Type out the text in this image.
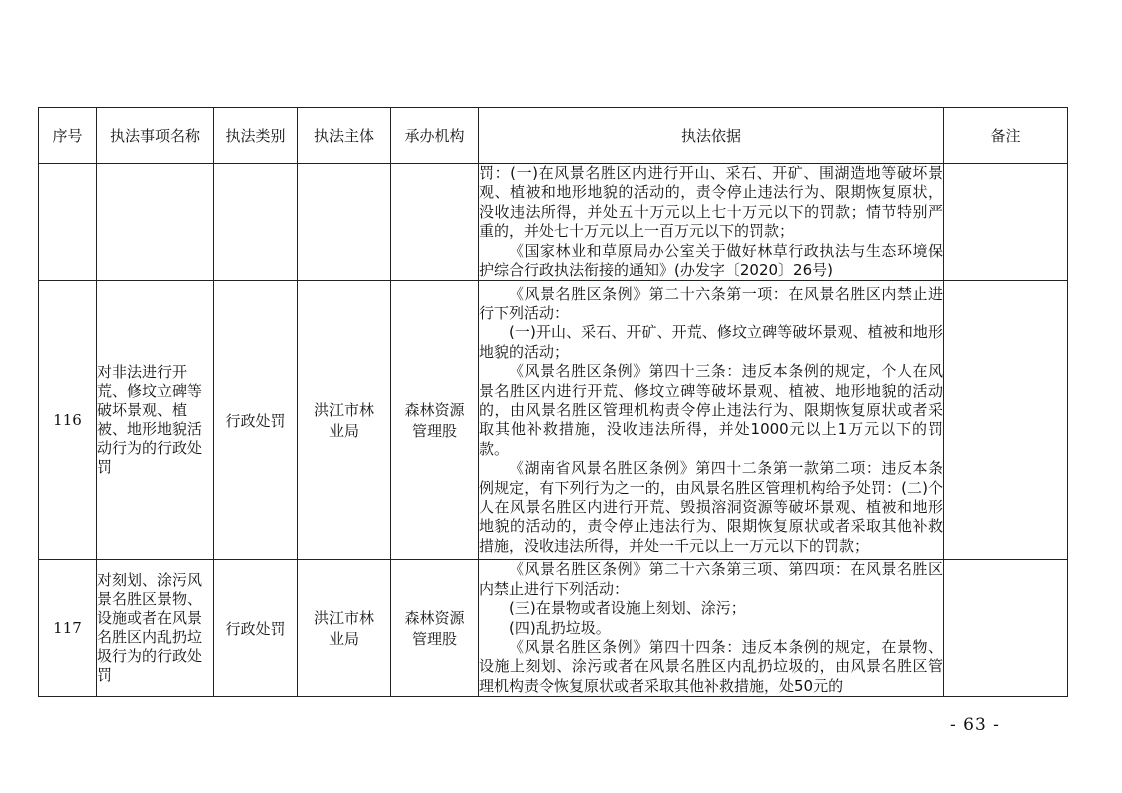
序号	执法事项名称	执法类别	执法主体	承办机构	执法依据	备注

					罚：(一)在风景名胜区内进行开山、采石、开矿、围湖造地等破坏景观、植被和地形地貌的活动的，责令停止违法行为、限期恢复原状，没收违法所得，并处五十万元以上七十万元以下的罚款；情节特别严重的，并处七十万元以上一百万元以下的罚款；
《国家林业和草原局办公室关于做好林草行政执法与生态环境保护综合行政执法衔接的通知》(办发字〔2020〕26号)	

116	对非法进行开荒、修坟立碑等破坏景观、植被、地形地貌活动行为的行政处罚	行政处罚	洪江市林业局	森林资源管理股	《风景名胜区条例》第二十六条第一项：在风景名胜区内禁止进行下列活动：
(一)开山、采石、开矿、开荒、修坟立碑等破坏景观、植被和地形地貌的活动；
《风景名胜区条例》第四十三条：违反本条例的规定，个人在风景名胜区内进行开荒、修坟立碑等破坏景观、植被、地形地貌的活动的，由风景名胜区管理机构责令停止违法行为、限期恢复原状或者采取其他补救措施，没收违法所得，并处1000元以上1万元以下的罚款。
《湖南省风景名胜区条例》第四十二条第一款第二项：违反本条例规定，有下列行为之一的，由风景名胜区管理机构给予处罚：(二)个人在风景名胜区内进行开荒、毁损溶洞资源等破坏景观、植被和地形地貌的活动的，责令停止违法行为、限期恢复原状或者采取其他补救措施，没收违法所得，并处一千元以上一万元以下的罚款；	

117	对刻划、涂污风景名胜区景物、设施或者在风景名胜区内乱扔垃圾行为的行政处罚	行政处罚	洪江市林业局	森林资源管理股	《风景名胜区条例》第二十六条第三项、第四项：在风景名胜区内禁止进行下列活动：
(三)在景物或者设施上刻划、涂污；
(四)乱扔垃圾。
《风景名胜区条例》第四十四条：违反本条例的规定，在景物、设施上刻划、涂污或者在风景名胜区内乱扔垃圾的，由风景名胜区管理机构责令恢复原状或者采取其他补救措施，处50元的	

- 63 -
